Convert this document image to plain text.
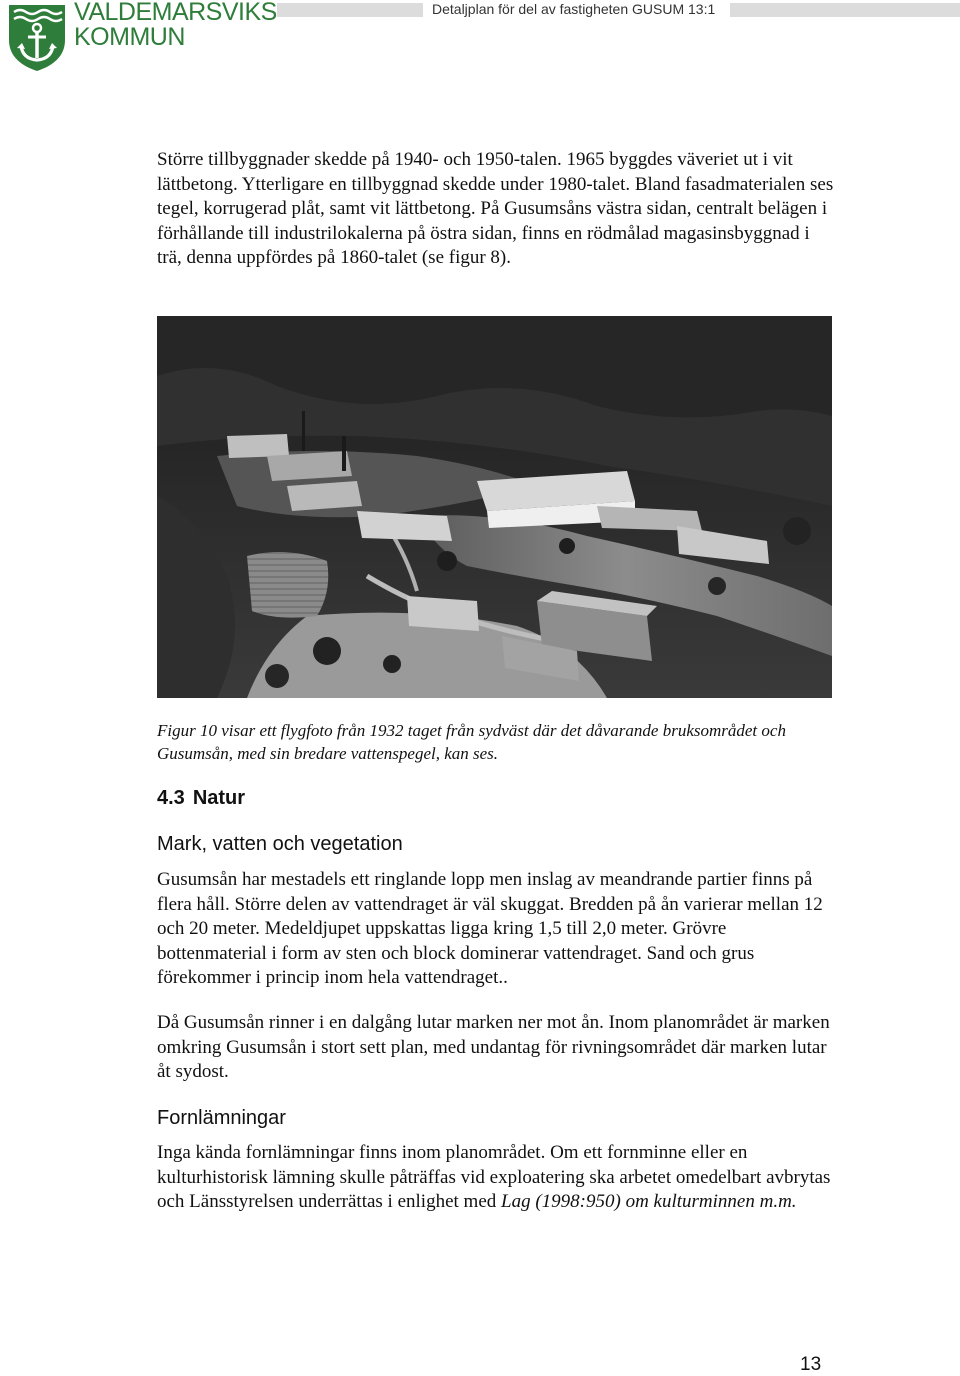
VALDEMARSVIKS
KOMMUN
Detaljplan för del av fastigheten GUSUM 13:1

Större tillbyggnader skedde på 1940- och 1950-talen. 1965 byggdes väveriet ut i vit lättbetong. Ytterligare en tillbyggnad skedde under 1980-talet. Bland fasadmaterialen ses tegel, korrugerad plåt, samt vit lättbetong. På Gusumsåns västra sidan, centralt belägen i förhållande till industrilokalerna på östra sidan, finns en rödmålad magasinsbyggnad i trä, denna uppfördes på 1860-talet (se figur 8).

Figur 10 visar ett flygfoto från 1932 taget från sydväst där det dåvarande bruksområdet och Gusumsån, med sin bredare vattenspegel, kan ses.

4.3 Natur
Mark, vatten och vegetation

Gusumsån har mestadels ett ringlande lopp men inslag av meandrande partier finns på flera håll. Större delen av vattendraget är väl skuggat. Bredden på ån varierar mellan 12 och 20 meter. Medeldjupet uppskattas ligga kring 1,5 till 2,0 meter. Grövre bottenmaterial i form av sten och block dominerar vattendraget. Sand och grus förekommer i princip inom hela vattendraget..

Då Gusumsån rinner i en dalgång lutar marken ner mot ån. Inom planområdet är marken omkring Gusumsån i stort sett plan, med undantag för rivningsområdet där marken lutar åt sydost.

Fornlämningar

Inga kända fornlämningar finns inom planområdet. Om ett fornminne eller en kulturhistorisk lämning skulle påträffas vid exploatering ska arbetet omedelbart avbrytas och Länsstyrelsen underrättas i enlighet med Lag (1998:950) om kulturminnen m.m.

13
